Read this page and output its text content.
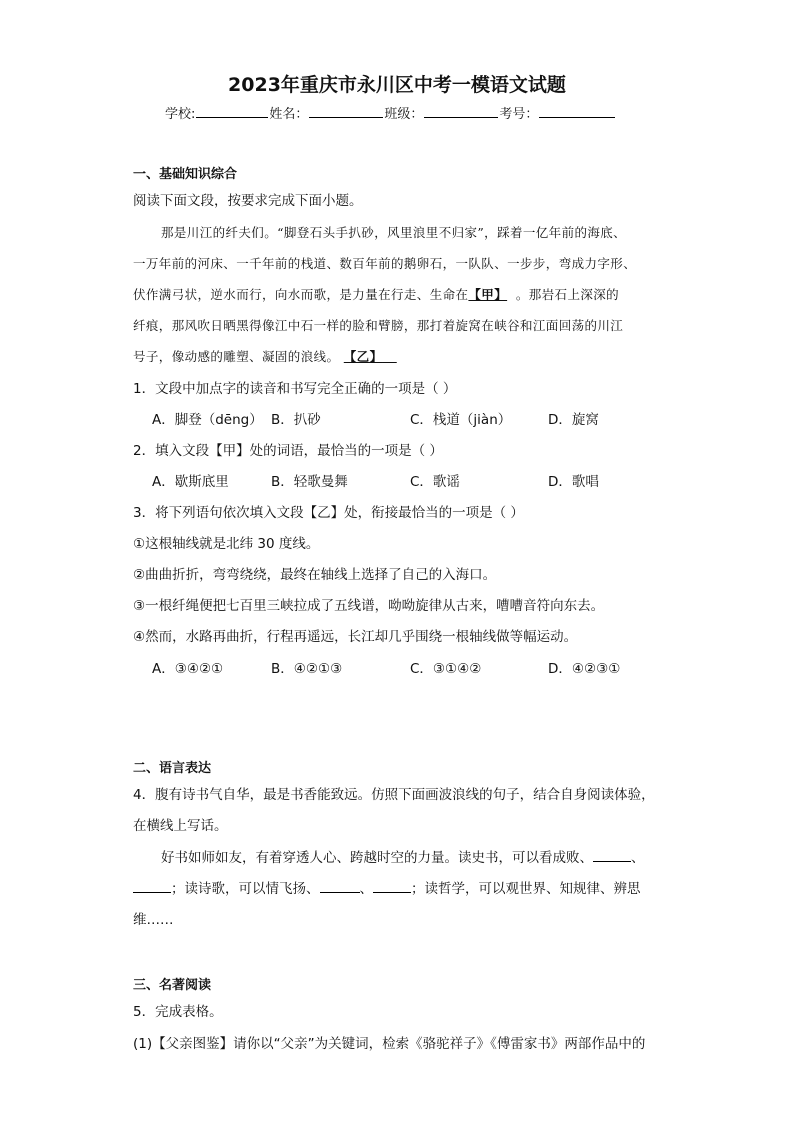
2023年重庆市永川区中考一模语文试题
学校:	姓名：	班级：	考号：
一、基础知识综合
阅读下面文段，按要求完成下面小题。
那是川江的纤夫们。“脚登石头手扒砂，风里浪里不归家”，踩着一亿年前的海底、
一万年前的河床、一千年前的栈道、数百年前的鹅卵石，一队队、一步步，弯成力字形、
伏作满弓状，逆水而行，向水而歌，是力量在行走、生命在【甲】 。那岩石上深深的
纤痕，那风吹日晒黑得像江中石一样的脸和臂膀，那打着旋窝在峡谷和江面回荡的川江
号子，像动感的雕塑、凝固的浪线。 【乙】
1．文段中加点字的读音和书写完全正确的一项是（ ）
A．脚登（dēng） B．扒砂	C．栈道（jiàn）	D．旋窝
2．填入文段【甲】处的词语，最恰当的一项是（ ）
A．歇斯底里	B．轻歌曼舞	C．歌谣	D．歌唱
3．将下列语句依次填入文段【乙】处，衔接最恰当的一项是（ ）
①这根轴线就是北纬 30 度线。
②曲曲折折，弯弯绕绕，最终在轴线上选择了自己的入海口。
③一根纤绳便把七百里三峡拉成了五线谱，呦呦旋律从古来，嘈嘈音符向东去。
④然而，水路再曲折，行程再遥远，长江却几乎围绕一根轴线做等幅运动。
A．③④②①	B．④②①③	C．③①④②	D．④②③①
二、语言表达
4．腹有诗书气自华，最是书香能致远。仿照下面画波浪线的句子，结合自身阅读体验，
在横线上写话。
好书如师如友，有着穿透人心、跨越时空的力量。读史书，可以看成败、	、
；读诗歌，可以情飞扬、	、	；读哲学，可以观世界、知规律、辨思
维……
三、名著阅读
5．完成表格。
(1)【父亲图鉴】请你以“父亲”为关键词，检索《骆驼祥子》《傅雷家书》两部作品中的
